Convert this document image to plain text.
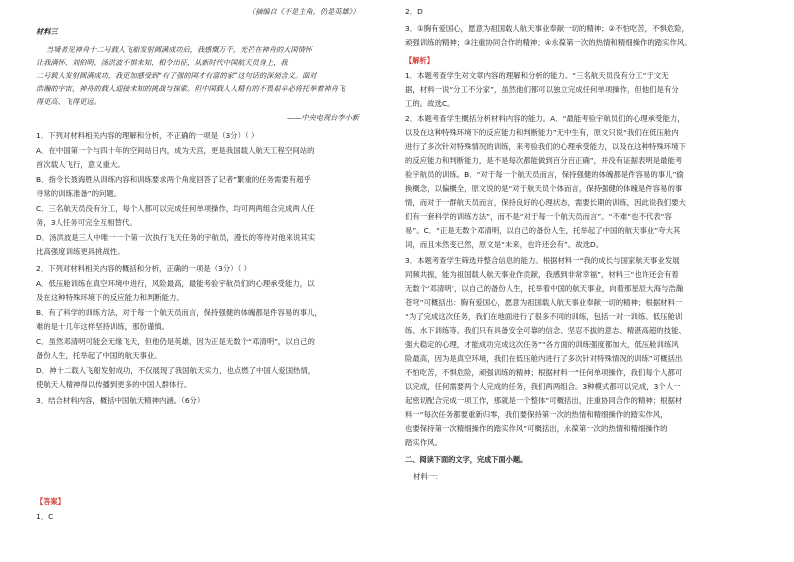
（摘编自《不是主角，仍是英雄》）
材料三
当境者见神舟十二号载人飞船发射圆满成功后，我感慨万千，光芒在神舟的大国情怀
让我满怀、刘伯明、汤洪波不惧未知、相令出征，从新时代中国航天员身上，我
二号载人发射圆满成功，我更加感受到“有了强的国才有富的家”这句话的深刻含义。面对
浩瀚的宇宙，神舟的载人迎接未知的挑战与探索。但中国载人人精有的不畏艰辛必将托举着神舟飞
得更高、飞得更远。
——中央电视台李小新
1．下列对材料相关内容的理解和分析，不正确的一项是（3分）（ ）
A．在中国第一个与四十年的空间站日内，成为天宫，更是我国载人航天工程空间站的
首次载人飞行，意义重大。
B．指令长聂海胜从训练内容和训练要求两个角度回答了记者“繁重的任务需要有超乎
寻常的训练准备”的问题。
C．三名航天员没有分工，每个人都可以完成任何单项操作，均可两两组合完成两人任
务，3人任务可完全互相替代。
D．汤洪波是三人中唯一一个第一次执行飞天任务的宇航员，漫长的等待对他来说其实
比高强度训练更具挑战性。
2．下列对材料相关内容的概括和分析，正确的一项是（3分）（ ）
A．低压舱训练在真空环境中进行，风险最高，最能考验宇航员们的心理承受能力，以
及在这种特殊环境下的反应能力和判断能力。
B．有了科学的训练方法，对于每一个航天员而言，保持强健的体魄都是件容易的事儿，
难的是十几年这样坚持训练，那份谨慎。
C．虽然邓清明可能会无缘飞天，但他仍是英雄，因为正是无数个“邓清明”，以自己的
备份人生，托举起了中国的航天事业。
D．神十二载人飞船发射成功，不仅展现了我国航天实力，也点燃了中国人爱国热情，
使航天人精神得以传播到更多的中国人群体行。
3．结合材料内容，概括中国航天精神内涵。（6分）
【答案】
1．C
2．D
3．①胸有爱国心，愿意为祖国载人航天事业奉献一切的精神；②不怕吃苦，不惧危险，
顽强训练的精神；③注重协同合作的精神；④永葆第一次的热情和精细操作的踏实作风。
【解析】
1．本题考查学生对文章内容的理解和分析的能力。“三名航天员没有分工”于文无
据，材料一说“分工不分家”，虽然他们都可以独立完成任何单项操作，但他们是有分
工的。故选C。
2．本题考查学生概括分析材料内容的能力。A．“最能考验宇航员们的心理承受能力，
以及在这种特殊环境下的反应能力和判断能力”无中生有，原文只说“我们在低压舱内
进行了多次针对特殊情况的训练，来考验我们的心理承受能力，以及在这种特殊环境下
的反应能力和判断能力，是不是每次都能做到百分百正确”，并没有证据表明是最能考
验宇航员的训练。B．“对于每一个航天员而言，保持强健的体魄都是件容易的事儿”偷
换概念，以偏概全，原文说的是“对于航天员个体而言，保持强健的体魄是件容易的事
情，而对于一群航天员而言，保持良好的心理状态，需要长期的训练，因此说我们要大
们有一套科学的训练方法”，而不是“对于每一个航天员而言”。“不难”也不代表“容
易”。C．“正是无数个邓清明，以自己的备份人生，托举起了中国的航天事业”夸大其
词，而且未然变已然，原文是“未来，也许还会有”。故选D。
3．本题考查学生筛选并整合信息的能力。根据材料一“我的成长与国家航天事业发展
同频共振，能为祖国载人航天事业作贡献，我感到非常幸福”，材料三“也许还会有着
无数个‘邓清明’，以自己的备份人生，托举着中国的航天事业，向着那星辰大海与浩瀚
苍穹”可概括出：胸有爱国心，愿意为祖国载人航天事业奉献一切的精神；根据材料一
“为了完成这次任务，我们在地面进行了很多不同的训练，包括一对一训练、低压舱训
练、水下训练等。我们只有具备安全可靠的信念、坚忍不拔的意志、精湛高超的技能、
强大稳定的心理，才能成功完成这次任务”“各方面的训练强度都加大，低压舱训练风
险最高，因为是真空环境，我们在低压舱内进行了多次针对特殊情况的训练”可概括出
不怕吃苦，不惧危险，顽强训练的精神；根据材料一“任何单项操作，我们每个人都可
以完成，任何需要两个人完成的任务，我们两两组合。3种模式都可以完成，3个人一
起密切配合完成一项工作，那就是一个整体”可概括出，注重协同合作的精神；根据材
料一“每次任务都要重新归零，我们要保持第一次的热情和精细操作的踏实作风，
也要保持第一次精细操作的踏实作风”可概括出，永葆第一次的热情和精细操作的
踏实作风。
二、阅读下面的文字，完成下面小题。
材料一：
